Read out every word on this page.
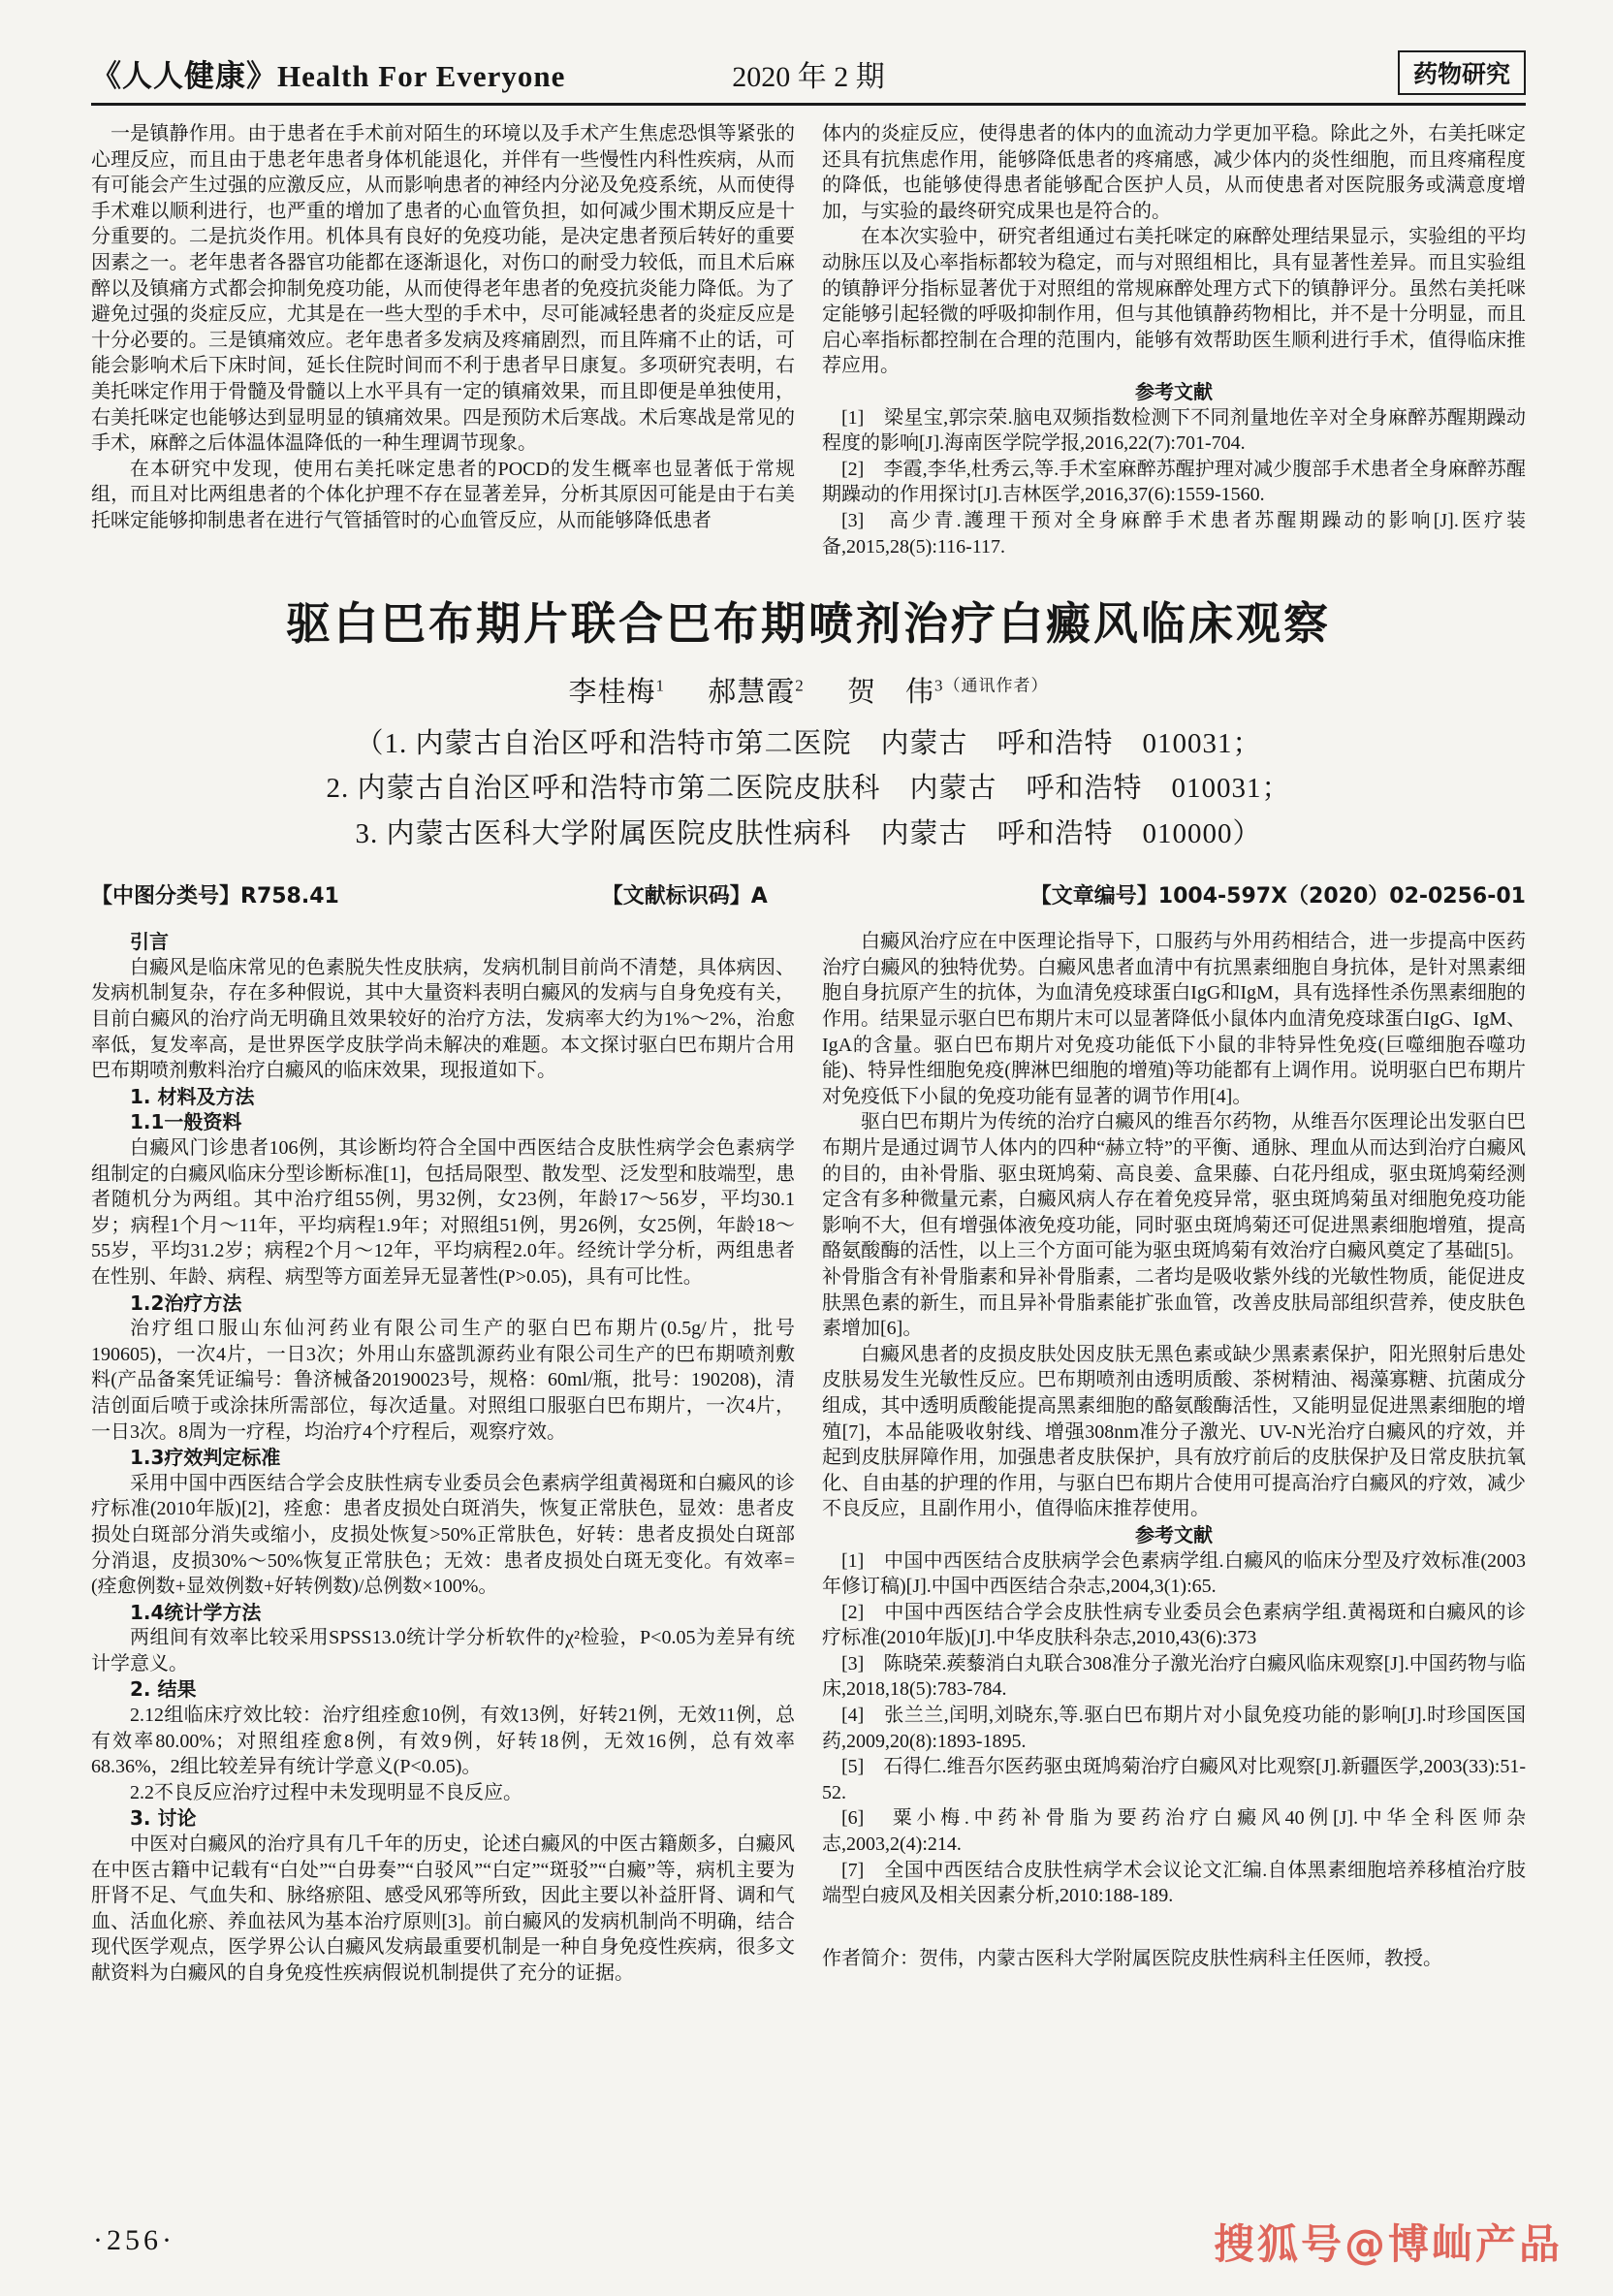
《人人健康》Health For Everyone	2020 年 2 期	药物研究

一是镇静作用。由于患者在手术前对陌生的环境以及手术产生焦虑恐惧等紧张的心理反应，而且由于患老年患者身体机能退化，并伴有一些慢性内科性疾病，从而有可能会产生过强的应激反应，从而影响患者的神经内分泌及免疫系统，从而使得手术难以顺利进行，也严重的增加了患者的心血管负担，如何减少围术期反应是十分重要的。二是抗炎作用。机体具有良好的免疫功能，是决定患者预后转好的重要因素之一。老年患者各器官功能都在逐渐退化，对伤口的耐受力较低，而且术后麻醉以及镇痛方式都会抑制免疫功能，从而使得老年患者的免疫抗炎能力降低。为了避免过强的炎症反应，尤其是在一些大型的手术中，尽可能减轻患者的炎症反应是十分必要的。三是镇痛效应。老年患者多发病及疼痛剧烈，而且阵痛不止的话，可能会影响术后下床时间，延长住院时间而不利于患者早日康复。多项研究表明，右美托咪定作用于骨髓及骨髓以上水平具有一定的镇痛效果，而且即便是单独使用，右美托咪定也能够达到显明显的镇痛效果。四是预防术后寒战。术后寒战是常见的手术，麻醉之后体温体温降低的一种生理调节现象。

在本研究中发现，使用右美托咪定患者的POCD的发生概率也显著低于常规组，而且对比两组患者的个体化护理不存在显著差异，分析其原因可能是由于右美托咪定能够抑制患者在进行气管插管时的心血管反应，从而能够降低患者

体内的炎症反应，使得患者的体内的血流动力学更加平稳。除此之外，右美托咪定还具有抗焦虑作用，能够降低患者的疼痛感，减少体内的炎性细胞，而且疼痛程度的降低，也能够使得患者能够配合医护人员，从而使患者对医院服务或满意度增加，与实验的最终研究成果也是符合的。

在本次实验中，研究者组通过右美托咪定的麻醉处理结果显示，实验组的平均动脉压以及心率指标都较为稳定，而与对照组相比，具有显著性差异。而且实验组的镇静评分指标显著优于对照组的常规麻醉处理方式下的镇静评分。虽然右美托咪定能够引起轻微的呼吸抑制作用，但与其他镇静药物相比，并不是十分明显，而且启心率指标都控制在合理的范围内，能够有效帮助医生顺利进行手术，值得临床推荐应用。

参考文献

[1]　梁星宝,郭宗荣.脑电双频指数检测下不同剂量地佐辛对全身麻醉苏醒期躁动程度的影响[J].海南医学院学报,2016,22(7):701-704.

[2]　李霞,李华,杜秀云,等.手术室麻醉苏醒护理对减少腹部手术患者全身麻醉苏醒期躁动的作用探讨[J].吉林医学,2016,37(6):1559-1560.

[3]　高少青.護理干预对全身麻醉手术患者苏醒期躁动的影响[J].医疗装备,2015,28(5):116-117.

驱白巴布期片联合巴布期喷剂治疗白癜风临床观察
李桂梅$^1$ 郝慧霞$^2$ 贺　伟$^{3(通讯作者)}$
（1. 内蒙古自治区呼和浩特市第二医院　内蒙古　呼和浩特　010031；
2. 内蒙古自治区呼和浩特市第二医院皮肤科　内蒙古　呼和浩特　010031；
3. 内蒙古医科大学附属医院皮肤性病科　内蒙古　呼和浩特　010000）
【中图分类号】R758.41	【文献标识码】A	【文章编号】1004-597X（2020）02-0256-01

引言

白癜风是临床常见的色素脱失性皮肤病，发病机制目前尚不清楚，具体病因、发病机制复杂，存在多种假说，其中大量资料表明白癜风的发病与自身免疫有关，目前白癜风的治疗尚无明确且效果较好的治疗方法，发病率大约为1%～2%，治愈率低，复发率高，是世界医学皮肤学尚未解决的难题。本文探讨驱白巴布期片合用巴布期喷剂敷料治疗白癜风的临床效果，现报道如下。

1. 材料及方法

1.1一般资料

白癜风门诊患者106例，其诊断均符合全国中西医结合皮肤性病学会色素病学组制定的白癜风临床分型诊断标准[1]，包括局限型、散发型、泛发型和肢端型，患者随机分为两组。其中治疗组55例，男32例，女23例，年龄17～56岁，平均30.1岁；病程1个月～11年，平均病程1.9年；对照组51例，男26例，女25例，年龄18～55岁，平均31.2岁；病程2个月～12年，平均病程2.0年。经统计学分析，两组患者在性别、年龄、病程、病型等方面差异无显著性(P>0.05)，具有可比性。

1.2治疗方法

治疗组口服山东仙河药业有限公司生产的驱白巴布期片(0.5g/片，批号190605)，一次4片，一日3次；外用山东盛凯源药业有限公司生产的巴布期喷剂敷料(产品备案凭证编号：鲁济械备20190023号，规格：60ml/瓶，批号：190208)，清洁创面后喷于或涂抹所需部位，每次适量。对照组口服驱白巴布期片，一次4片，一日3次。8周为一疗程，均治疗4个疗程后，观察疗效。

1.3疗效判定标准

采用中国中西医结合学会皮肤性病专业委员会色素病学组黄褐斑和白癜风的诊疗标准(2010年版)[2]，痊愈：患者皮损处白斑消失，恢复正常肤色，显效：患者皮损处白斑部分消失或缩小，皮损处恢复>50%正常肤色，好转：患者皮损处白斑部分消退，皮损30%～50%恢复正常肤色；无效：患者皮损处白斑无变化。有效率=(痊愈例数+显效例数+好转例数)/总例数×100%。

1.4统计学方法

两组间有效率比较采用SPSS13.0统计学分析软件的χ²检验，P<0.05为差异有统计学意义。

2. 结果

2.12组临床疗效比较：治疗组痊愈10例，有效13例，好转21例，无效11例，总有效率80.00%；对照组痊愈8例，有效9例，好转18例，无效16例，总有效率68.36%，2组比较差异有统计学意义(P<0.05)。

2.2不良反应治疗过程中未发现明显不良反应。

3. 讨论

中医对白癜风的治疗具有几千年的历史，论述白癜风的中医古籍颇多，白癜风在中医古籍中记载有“白处”“白毋奏”“白驳风”“白定”“斑驳”“白癜”等，病机主要为肝肾不足、气血失和、脉络瘀阻、感受风邪等所致，因此主要以补益肝肾、调和气血、活血化瘀、养血祛风为基本治疗原则[3]。前白癜风的发病机制尚不明确，结合现代医学观点，医学界公认白癜风发病最重要机制是一种自身免疫性疾病，很多文献资料为白癜风的自身免疫性疾病假说机制提供了充分的证据。

白癜风治疗应在中医理论指导下，口服药与外用药相结合，进一步提高中医药治疗白癜风的独特优势。白癜风患者血清中有抗黑素细胞自身抗体，是针对黑素细胞自身抗原产生的抗体，为血清免疫球蛋白IgG和IgM，具有选择性杀伤黑素细胞的作用。结果显示驱白巴布期片末可以显著降低小鼠体内血清免疫球蛋白IgG、IgM、IgA的含量。驱白巴布期片对免疫功能低下小鼠的非特异性免疫(巨噬细胞吞噬功能)、特异性细胞免疫(脾淋巴细胞的增殖)等功能都有上调作用。说明驱白巴布期片对免疫低下小鼠的免疫功能有显著的调节作用[4]。

驱白巴布期片为传统的治疗白癜风的维吾尔药物，从维吾尔医理论出发驱白巴布期片是通过调节人体内的四种“赫立特”的平衡、通脉、理血从而达到治疗白癜风的目的，由补骨脂、驱虫斑鸠菊、高良姜、盒果藤、白花丹组成，驱虫斑鸠菊经测定含有多种微量元素，白癜风病人存在着免疫异常，驱虫斑鸠菊虽对细胞免疫功能影响不大，但有增强体液免疫功能，同时驱虫斑鸠菊还可促进黑素细胞增殖，提高酪氨酸酶的活性，以上三个方面可能为驱虫斑鸠菊有效治疗白癜风奠定了基础[5]。补骨脂含有补骨脂素和异补骨脂素，二者均是吸收紫外线的光敏性物质，能促进皮肤黑色素的新生，而且异补骨脂素能扩张血管，改善皮肤局部组织营养，使皮肤色素增加[6]。

白癜风患者的皮损皮肤处因皮肤无黑色素或缺少黑素素保护，阳光照射后患处皮肤易发生光敏性反应。巴布期喷剂由透明质酸、茶树精油、褐藻寡糖、抗菌成分组成，其中透明质酸能提高黑素细胞的酪氨酸酶活性，又能明显促进黑素细胞的增殖[7]，本品能吸收射线、增强308nm准分子激光、UV-N光治疗白癜风的疗效，并起到皮肤屏障作用，加强患者皮肤保护，具有放疗前后的皮肤保护及日常皮肤抗氧化、自由基的护理的作用，与驱白巴布期片合使用可提高治疗白癜风的疗效，减少不良反应，且副作用小，值得临床推荐使用。

参考文献

[1]　中国中西医结合皮肤病学会色素病学组.白癜风的临床分型及疗效标准(2003年修订稿)[J].中国中西医结合杂志,2004,3(1):65.

[2]　中国中西医结合学会皮肤性病专业委员会色素病学组.黄褐斑和白癜风的诊疗标准(2010年版)[J].中华皮肤科杂志,2010,43(6):373

[3]　陈晓荣.蒺藜消白丸联合308准分子激光治疗白癜风临床观察[J].中国药物与临床,2018,18(5):783-784.

[4]　张兰兰,闰明,刘晓东,等.驱白巴布期片对小鼠免疫功能的影响[J].时珍国医国药,2009,20(8):1893-1895.

[5]　石得仁.维吾尔医药驱虫斑鸠菊治疗白癜风对比观察[J].新疆医学,2003(33):51-52.

[6]　粟小梅.中药补骨脂为要药治疗白癜风40例[J].中华全科医师杂志,2003,2(4):214.

[7]　全国中西医结合皮肤性病学术会议论文汇编.自体黑素细胞培养移植治疗肢端型白疲风及相关因素分析,2010:188-189.

作者简介：贺伟，内蒙古医科大学附属医院皮肤性病科主任医师，教授。

·256·	搜狐号@博屾产品
